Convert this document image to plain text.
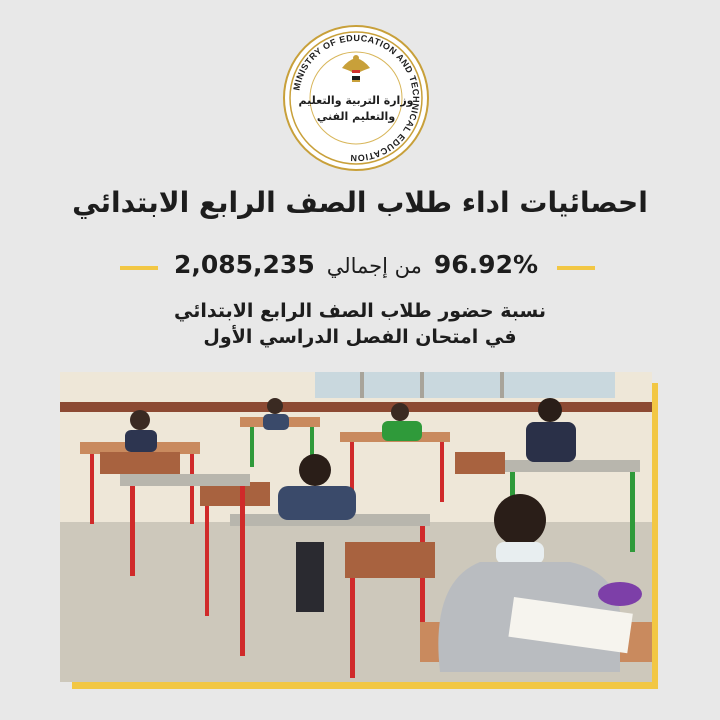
MINISTRY OF EDUCATION AND TECHNICAL EDUCATION
وزارة التربية والتعليم
والتعليم الفني
احصائيات اداء طلاب الصف الرابع الابتدائي
96.92%من إجمالي2,085,235
نسبة حضور طلاب الصف الرابع الابتدائي
في امتحان الفصل الدراسي الأول
